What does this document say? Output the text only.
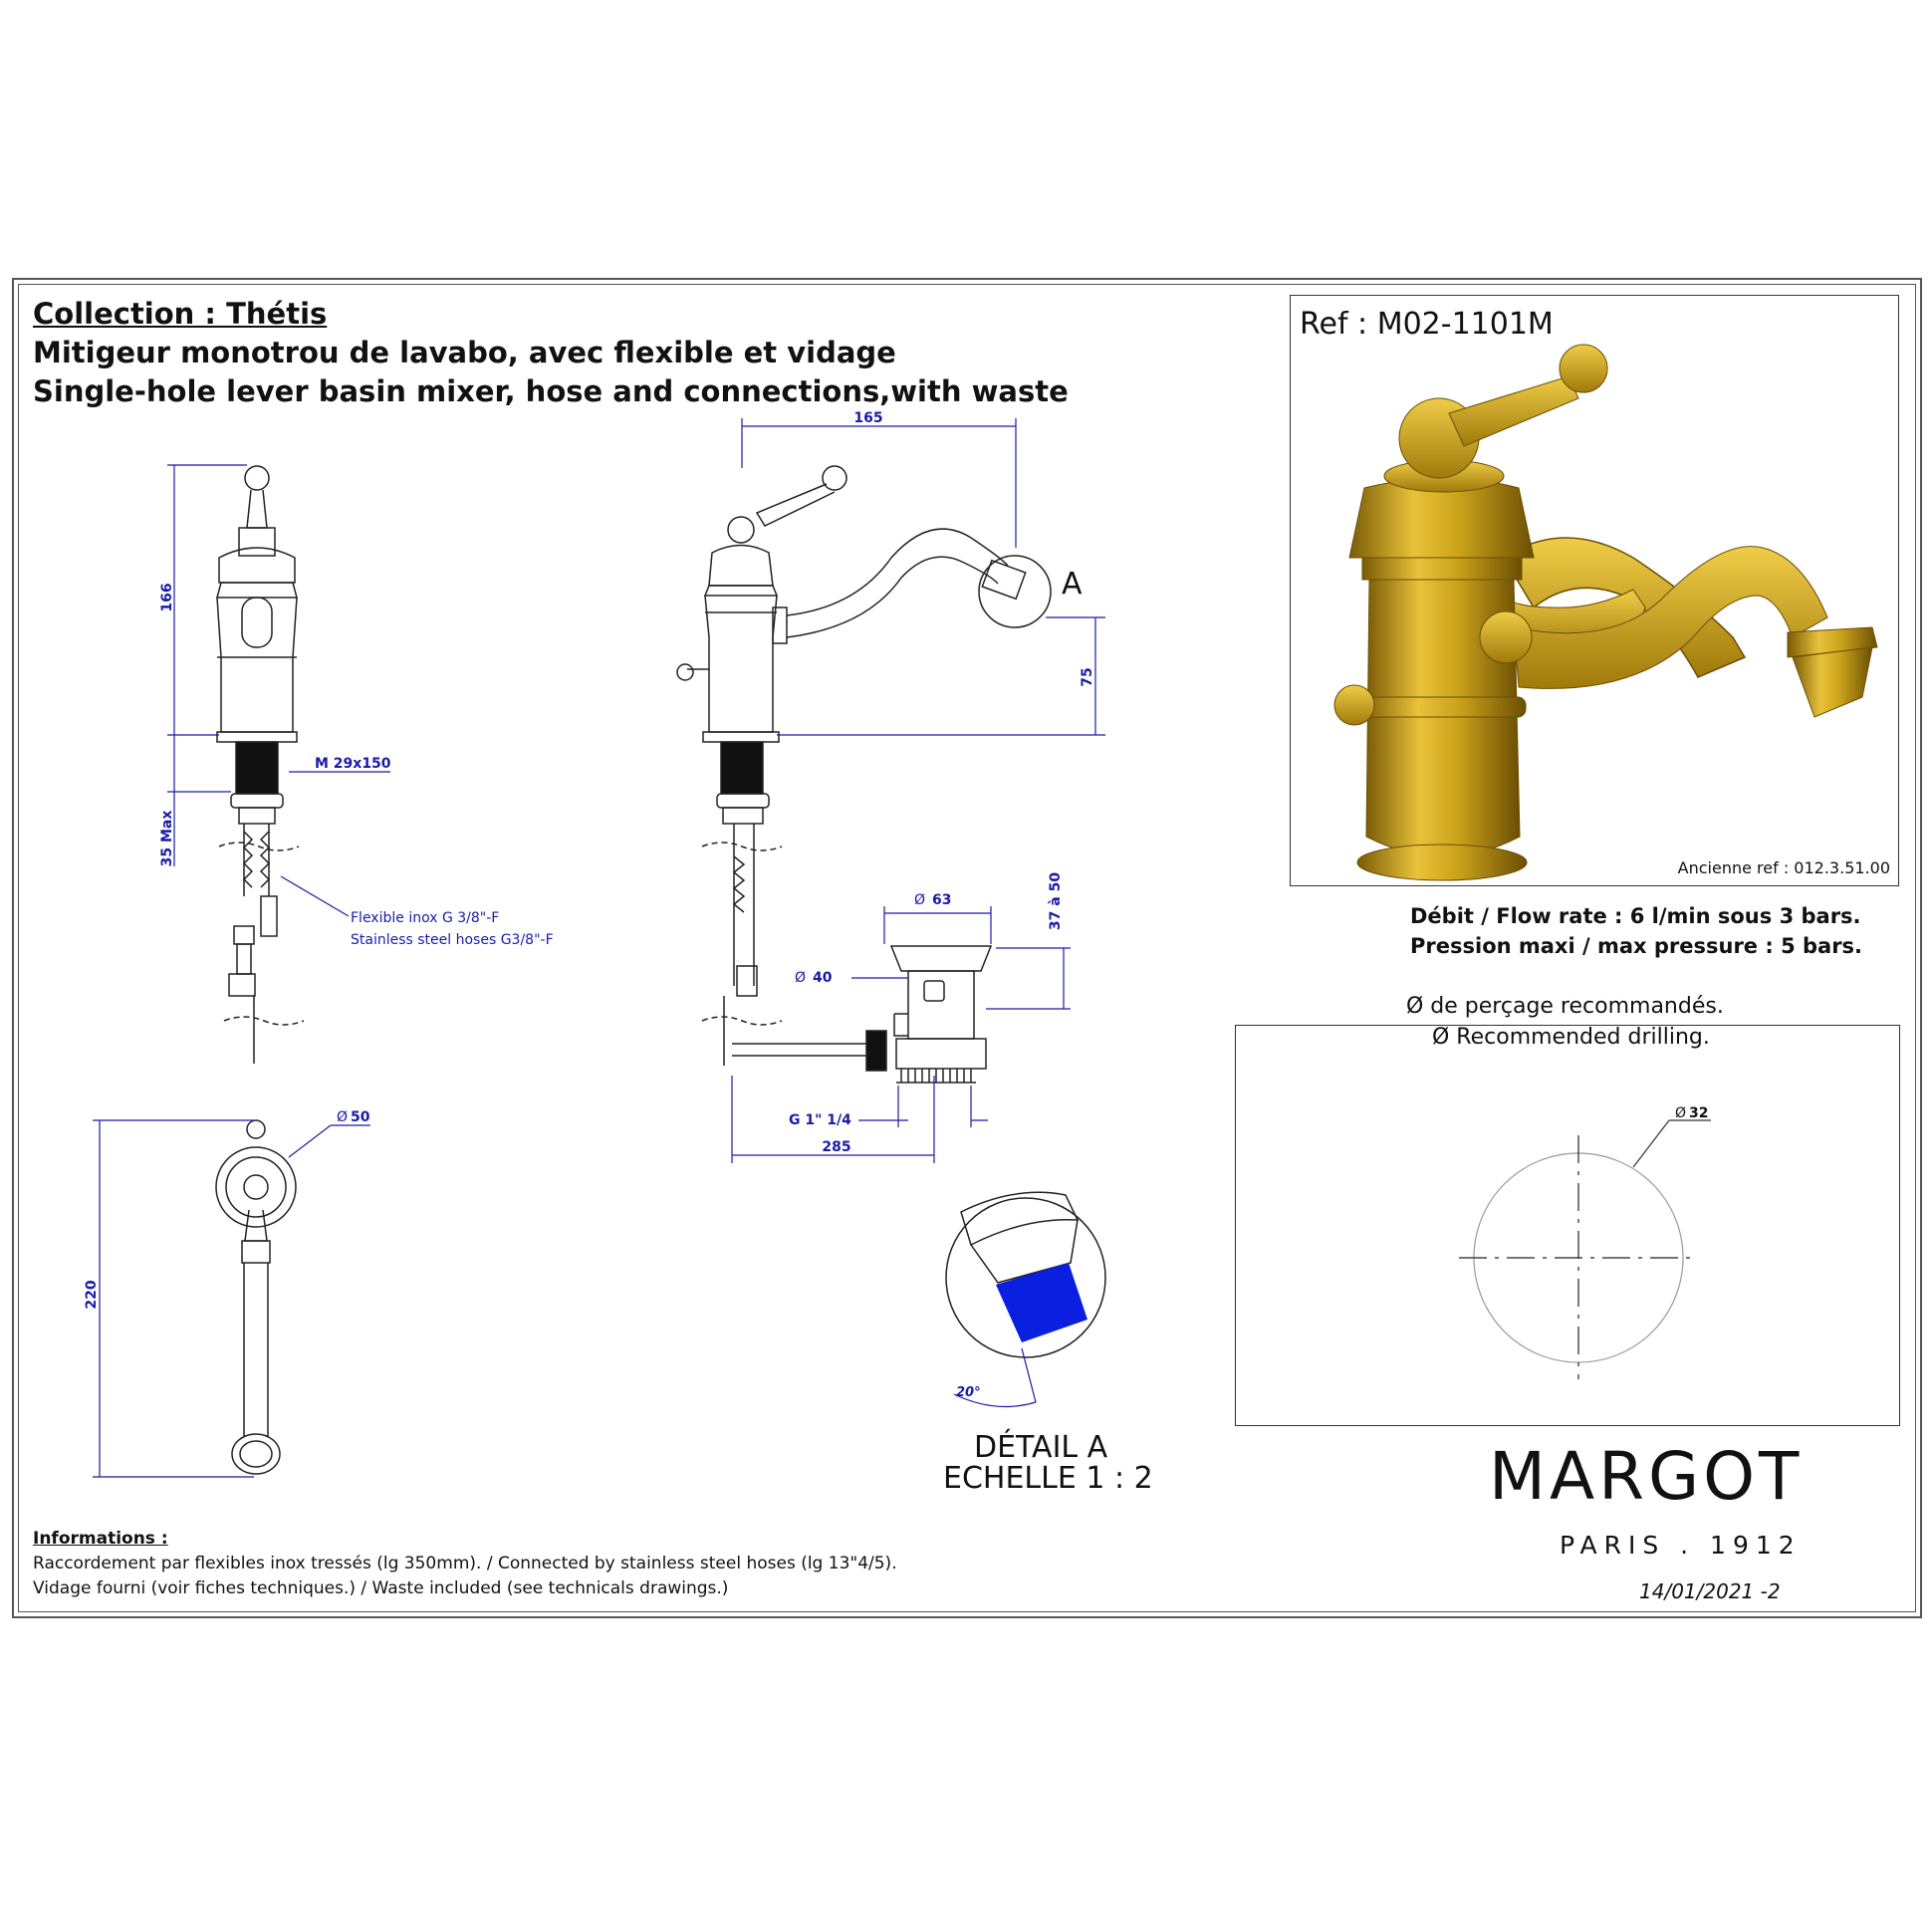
Collection : Thétis
Mitigeur monotrou de lavabo, avec flexible et vidage
Single-hole lever basin mixer, hose and connections,with waste
166
M 29x150
35 Max
Flexible inox G 3/8"-F
Stainless steel hoses G3/8"-F
165
A
75
63	37 à 50
40
G 1" 1/4
285
Ø
Ø
50
Ø
220
20°
32
Ø
Ref : M02-1101M
Ancienne ref : 012.3.51.00
Débit / Flow rate : 6 l/min sous 3 bars.
Pression maxi / max pressure : 5 bars.
Ø de perçage recommandés.
Ø Recommended drilling.
DÉTAIL A
ECHELLE 1 : 2	MARGOT
PARIS . 1912
14/01/2021 -2
Informations :
Raccordement par flexibles inox tressés (lg 350mm). / Connected by stainless steel hoses (lg 13"4/5).
Vidage fourni (voir fiches techniques.) / Waste included (see technicals drawings.)
